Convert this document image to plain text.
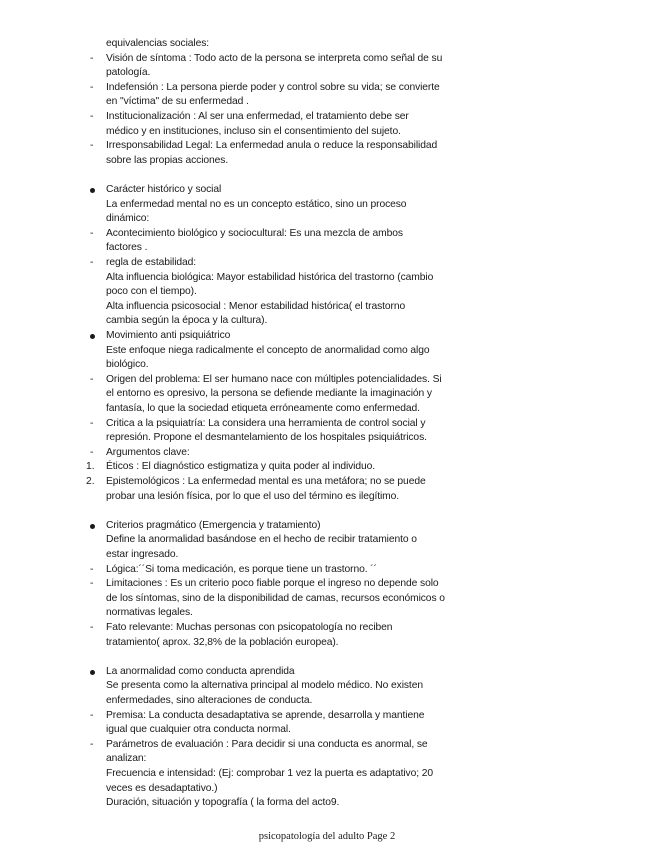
equivalencias sociales:
- Visión de síntoma : Todo acto de la persona se interpreta como señal de su
patología.
- Indefensión : La persona pierde poder y control sobre su vida; se convierte
en "víctima" de su enfermedad .
- Institucionalización : Al ser una enfermedad, el tratamiento debe ser
médico y en instituciones, incluso sin el consentimiento del sujeto.
- Irresponsabilidad Legal: La enfermedad anula o reduce la responsabilidad
sobre las propias acciones.
Carácter histórico y social
La enfermedad mental no es un concepto estático, sino un proceso
dinámico:
- Acontecimiento biológico y sociocultural: Es una mezcla de ambos
factores .
- regla de estabilidad:
Alta influencia biológica: Mayor estabilidad histórica del trastorno (cambio
poco con el tiempo).
Alta influencia psicosocial : Menor estabilidad histórica( el trastorno
cambia según la época y la cultura).
Movimiento anti psiquiátrico
Este enfoque niega radicalmente el concepto de anormalidad como algo
biológico.
- Origen del problema: El ser humano nace con múltiples potencialidades. Si
el entorno es opresivo, la persona se defiende mediante la imaginación y
fantasía, lo que la sociedad etiqueta erróneamente como enfermedad.
- Critica a la psiquiatría: La considera una herramienta de control social y
represión. Propone el desmantelamiento de los hospitales psiquiátricos.
- Argumentos clave:
1. Éticos : El diagnóstico estigmatiza y quita poder al individuo.
2. Epistemológicos : La enfermedad mental es una metáfora; no se puede
probar una lesión física, por lo que el uso del término es ilegítimo.
Criterios pragmático (Emergencia y tratamiento)
Define la anormalidad basándose en el hecho de recibir tratamiento o
estar ingresado.
- Lógica:´´Si toma medicación, es porque tiene un trastorno. ´´
- Limitaciones : Es un criterio poco fiable porque el ingreso no depende solo
de los síntomas, sino de la disponibilidad de camas, recursos económicos o
normativas legales.
- Fato relevante: Muchas personas con psicopatología no reciben
tratamiento( aprox. 32,8% de la población europea).
La anormalidad como conducta aprendida
Se presenta como la alternativa principal al modelo médico. No existen
enfermedades, sino alteraciones de conducta.
- Premisa: La conducta desadaptativa se aprende, desarrolla y mantiene
igual que cualquier otra conducta normal.
- Parámetros de evaluación : Para decidir si una conducta es anormal, se
analizan:
Frecuencia e intensidad: (Ej: comprobar 1 vez la puerta es adaptativo; 20
veces es desadaptativo.)
Duración, situación y topografía ( la forma del acto9.
psicopatología del adulto Page 2
